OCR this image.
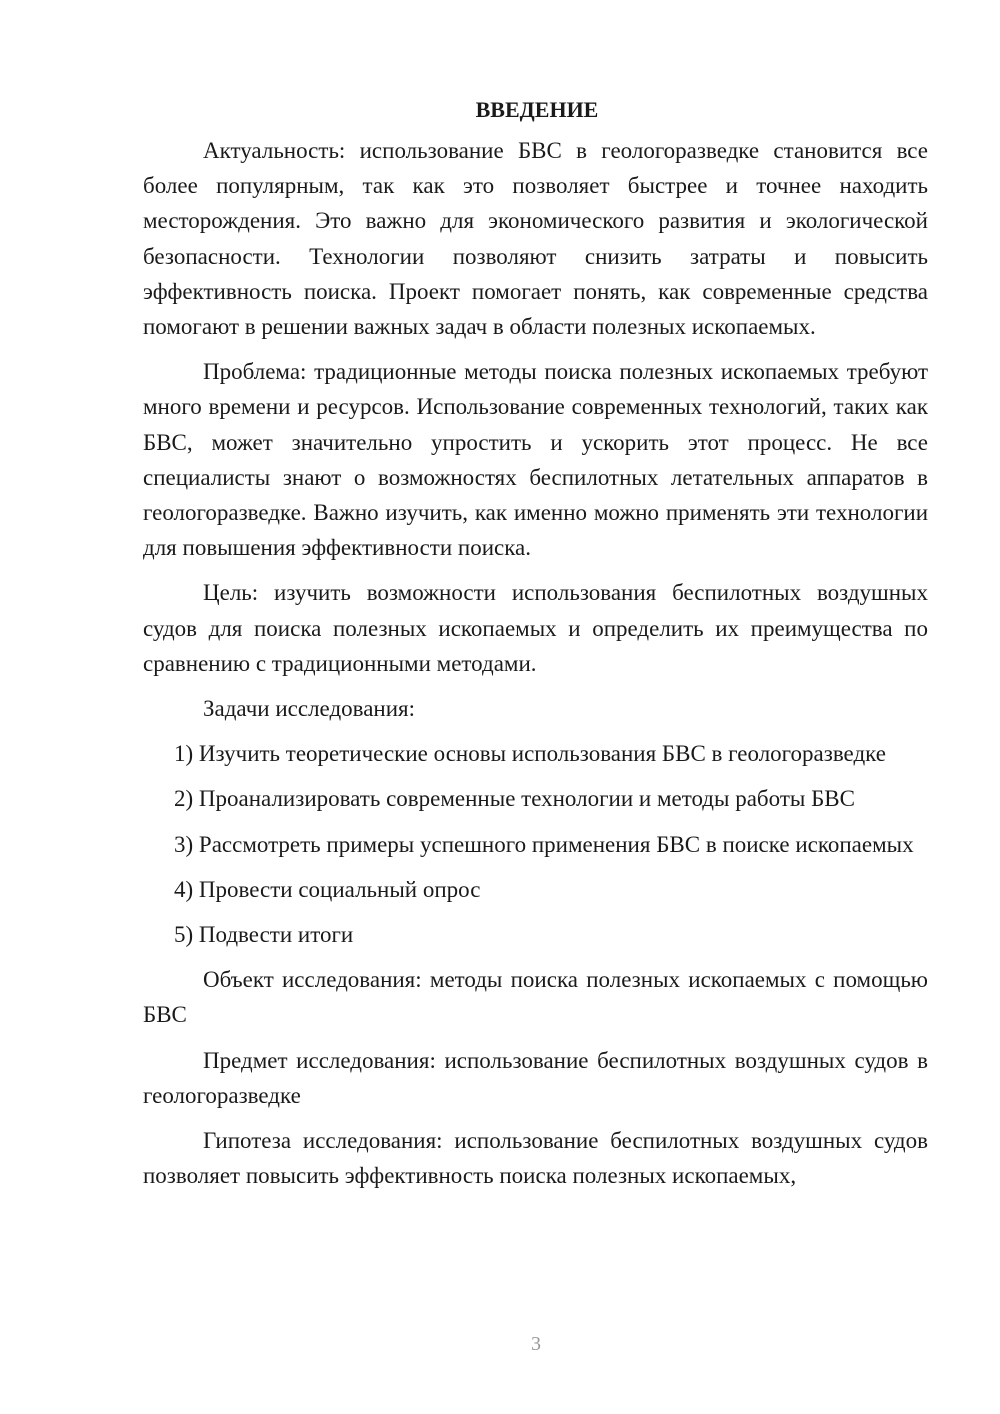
ВВЕДЕНИЕ

Актуальность: использование БВС в геологоразведке становится все более популярным, так как это позволяет быстрее и точнее находить месторождения. Это важно для экономического развития и экологической безопасности. Технологии позволяют снизить затраты и повысить эффективность поиска. Проект помогает понять, как современные средства помогают в решении важных задач в области полезных ископаемых.

Проблема: традиционные методы поиска полезных ископаемых требуют много времени и ресурсов. Использование современных технологий, таких как БВС, может значительно упростить и ускорить этот процесс. Не все специалисты знают о возможностях беспилотных летательных аппаратов в геологоразведке. Важно изучить, как именно можно применять эти технологии для повышения эффективности поиска.

Цель: изучить возможности использования беспилотных воздушных судов для поиска полезных ископаемых и определить их преимущества по сравнению с традиционными методами.

Задачи исследования:

1) Изучить теоретические основы использования БВС в геологоразведке

2) Проанализировать современные технологии и методы работы БВС

3) Рассмотреть примеры успешного применения БВС в поиске ископаемых

4) Провести социальный опрос

5) Подвести итоги

Объект исследования: методы поиска полезных ископаемых с помощью БВС

Предмет исследования: использование беспилотных воздушных судов в геологоразведке

Гипотеза исследования: использование беспилотных воздушных судов позволяет повысить эффективность поиска полезных ископаемых,

3
